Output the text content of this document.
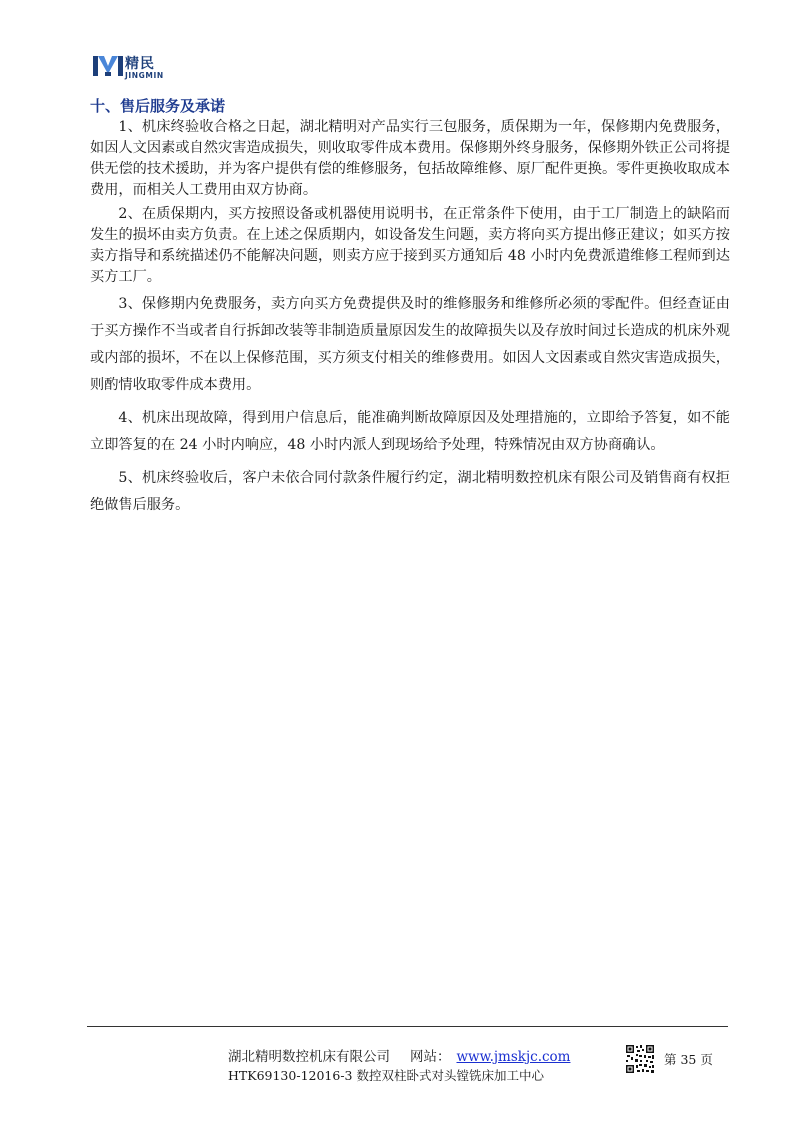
精民
JINGMIN
十、售后服务及承诺

1、机床终验收合格之日起，湖北精明对产品实行三包服务，质保期为一年，保修期内免费服务，如因人文因素或自然灾害造成损失，则收取零件成本费用。保修期外终身服务，保修期外铁正公司将提供无偿的技术援助，并为客户提供有偿的维修服务，包括故障维修、原厂配件更换。零件更换收取成本费用，而相关人工费用由双方协商。

2、在质保期内，买方按照设备或机器使用说明书，在正常条件下使用，由于工厂制造上的缺陷而发生的损坏由卖方负责。在上述之保质期内，如设备发生问题，卖方将向买方提出修正建议；如买方按卖方指导和系统描述仍不能解决问题，则卖方应于接到买方通知后 48 小时内免费派遣维修工程师到达买方工厂。

3、保修期内免费服务，卖方向买方免费提供及时的维修服务和维修所必须的零配件。但经查证由于买方操作不当或者自行拆卸改装等非制造质量原因发生的故障损失以及存放时间过长造成的机床外观或内部的损坏，不在以上保修范围，买方须支付相关的维修费用。如因人文因素或自然灾害造成损失，则酌情收取零件成本费用。

4、机床出现故障，得到用户信息后，能准确判断故障原因及处理措施的，立即给予答复，如不能立即答复的在 24 小时内响应，48 小时内派人到现场给予处理，特殊情况由双方协商确认。

5、机床终验收后，客户未依合同付款条件履行约定，湖北精明数控机床有限公司及销售商有权拒绝做售后服务。

湖北精明数控机床有限公司 网站： www.jmskjc.com
HTK69130-12016-3 数控双柱卧式对头镗铣床加工中心
第 35 页
